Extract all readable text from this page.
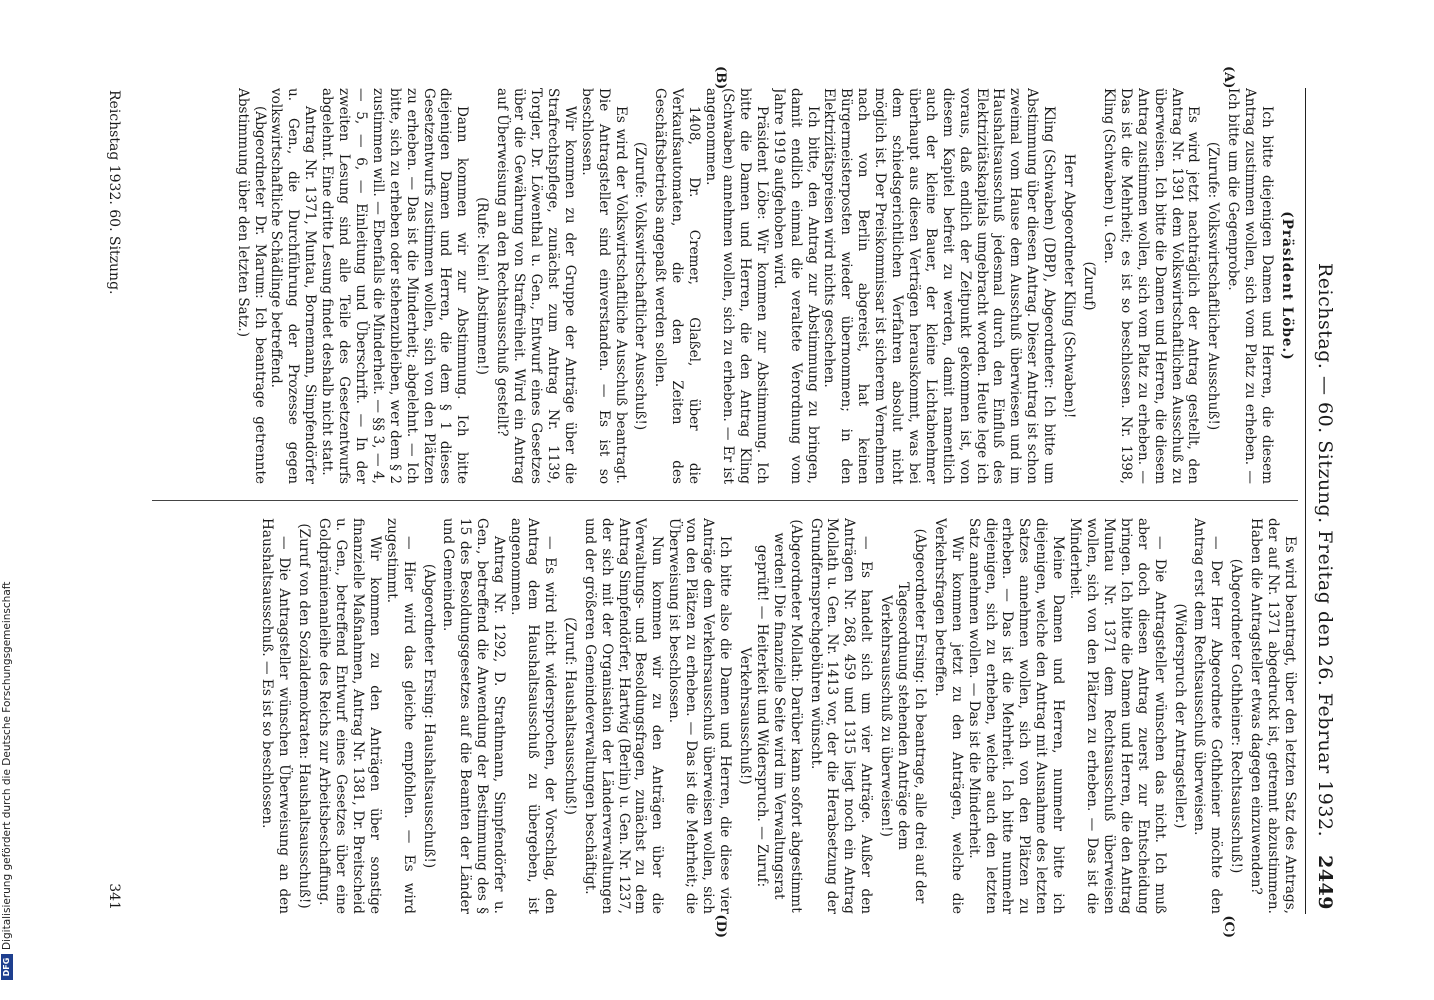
Reichstag. — 60. Sitzung. Freitag den 26. Februar 1932.
2449
(A)
(B)
(C)
(D)

(Präsident Löbe.)

Ich bitte diejenigen Damen und Herren, die diesem Antrag zustimmen wollen, sich vom Platz zu erheben. — Ich bitte um die Gegenprobe.

(Zurufe: Volkswirtschaftlicher Ausschuß!)

Es wird jetzt nachträglich der Antrag gestellt, den Antrag Nr. 1391 dem Volkswirtschaftlichen Ausschuß zu überweisen. Ich bitte die Damen und Herren, die diesem Antrag zustimmen wollen, sich vom Platz zu erheben. — Das ist die Mehrheit; es ist so beschlossen. Nr. 1398, Kling (Schwaben) u. Gen.

(Zuruf)

Herr Abgeordneter Kling (Schwaben)!

Kling (Schwaben) (DBP), Abgeordneter: Ich bitte um Abstimmung über diesen Antrag. Dieser Antrag ist schon zweimal vom Hause dem Ausschuß überwiesen und im Haushaltsausschuß jedesmal durch den Einfluß des Elektrizitätskapitals umgebracht worden. Heute lege ich voraus, daß endlich der Zeitpunkt gekommen ist, von diesem Kapitel befreit zu werden, damit namentlich auch der kleine Bauer, der kleine Lichtabnehmer überhaupt aus diesen Verträgen herauskommt, was bei dem schiedsgerichtlichen Verfahren absolut nicht möglich ist. Der Preiskommissar ist sicherem Vernehmen nach von Berlin abgereist, hat keinen Bürgermeisterposten wieder übernommen; in den Elektrizitätspreisen wird nichts geschehen.

Ich bitte, den Antrag zur Abstimmung zu bringen, damit endlich einmal die veraltete Verordnung vom Jahre 1919 aufgehoben wird.

Präsident Löbe: Wir kommen zur Abstimmung. Ich bitte die Damen und Herren, die den Antrag Kling (Schwaben) annehmen wollen, sich zu erheben. — Er ist angenommen.

1408, Dr. Cremer, Glaßel, über die Verkaufsautomaten, die den Zeiten des Geschäftsbetriebs angepaßt werden sollen.

(Zurufe: Volkswirtschaftlicher Ausschuß!)

Es wird der Volkswirtschaftliche Ausschuß beantragt. Die Antragsteller sind einverstanden. — Es ist so beschlossen.

Wir kommen zu der Gruppe der Anträge über die Strafrechtspflege, zunächst zum Antrag Nr. 1139, Torgler, Dr. Löwenthal u. Gen., Entwurf eines Gesetzes über die Gewährung von Straffreiheit. Wird ein Antrag auf Überweisung an den Rechtsausschuß gestellt?

(Rufe: Nein! Abstimmen!)

Dann kommen wir zur Abstimmung. Ich bitte diejenigen Damen und Herren, die dem § 1 dieses Gesetzentwurfs zustimmen wollen, sich von den Plätzen zu erheben. — Das ist die Minderheit; abgelehnt. — Ich bitte, sich zu erheben oder stehenzubleiben, wer dem § 2 zustimmen will. — Ebenfalls die Minderheit. — §§ 3, — 4, — 5, — 6, — Einleitung und Überschrift. — In der zweiten Lesung sind alle Teile des Gesetzentwurfs abgelehnt. Eine dritte Lesung findet deshalb nicht statt.

Antrag Nr. 1371, Muntau, Bornemann, Simpfendörfer u. Gen., die Durchführung der Prozesse gegen volkswirtschaftliche Schädlinge betreffend.

(Abgeordneter Dr. Marum: Ich beantrage getrennte Abstimmung über den letzten Satz.)

Es wird beantragt, über den letzten Satz des Antrags, der auf Nr. 1371 abgedruckt ist, getrennt abzustimmen. Haben die Antragsteller etwas dagegen einzuwenden?

(Abgeordneter Gothheiner: Rechtsausschuß!)

— Der Herr Abgeordnete Gothheiner möchte den Antrag erst dem Rechtsausschuß überweisen.

(Widerspruch der Antragsteller.)

— Die Antragsteller wünschen das nicht. Ich muß aber doch diesen Antrag zuerst zur Entscheidung bringen. Ich bitte die Damen und Herren, die den Antrag Muntau Nr. 1371 dem Rechtsausschuß überweisen wollen, sich von den Plätzen zu erheben. — Das ist die Minderheit.

Meine Damen und Herren, nunmehr bitte ich diejenigen, welche den Antrag mit Ausnahme des letzten Satzes annehmen wollen, sich von den Plätzen zu erheben. — Das ist die Mehrheit. Ich bitte nunmehr diejenigen, sich zu erheben, welche auch den letzten Satz annehmen wollen. — Das ist die Minderheit.

Wir kommen jetzt zu den Anträgen, welche die Verkehrsfragen betreffen.

(Abgeordneter Ersing: Ich beantrage, alle drei auf der Tagesordnung stehenden Anträge dem Verkehrsausschuß zu überweisen!)

— Es handelt sich um vier Anträge. Außer den Anträgen Nr. 268, 459 und 1315 liegt noch ein Antrag Mollath u. Gen. Nr. 1413 vor, der die Herabsetzung der Grundfernsprechgebühren wünscht.

(Abgeordneter Mollath: Darüber kann sofort abgestimmt werden! Die finanzielle Seite wird im Verwaltungsrat geprüft! — Heiterkeit und Widerspruch. — Zuruf: Verkehrsausschuß!)

Ich bitte also die Damen und Herren, die diese vier Anträge dem Verkehrsausschuß überweisen wollen, sich von den Plätzen zu erheben. — Das ist die Mehrheit; die Überweisung ist beschlossen.

Nun kommen wir zu den Anträgen über die Verwaltungs- und Besoldungsfragen, zunächst zu dem Antrag Simpfendörfer, Hartwig (Berlin) u. Gen. Nr. 1237, der sich mit der Organisation der Länderverwaltungen und der größeren Gemeindeverwaltungen beschäftigt.

(Zuruf: Haushaltsausschuß!)

— Es wird nicht widersprochen, der Vorschlag, den Antrag dem Haushaltsausschuß zu übergeben, ist angenommen.

Antrag Nr. 1292, D. Strathmann, Simpfendörfer u. Gen., betreffend die Anwendung der Bestimmung des § 15 des Besoldungsgesetzes auf die Beamten der Länder und Gemeinden.

(Abgeordneter Ersing: Haushaltsausschuß!)

— Hier wird das gleiche empfohlen. — Es wird zugestimmt.

Wir kommen zu den Anträgen über sonstige finanzielle Maßnahmen, Antrag Nr. 1381, Dr. Breitscheid u. Gen., betreffend Entwurf eines Gesetzes über eine Goldprämienanleihe des Reichs zur Arbeitsbeschaffung.

(Zuruf von den Sozialdemokraten: Haushaltsausschuß!)

— Die Antragsteller wünschen Überweisung an den Haushaltsausschuß. — Es ist so beschlossen.

Reichstag 1932. 60. Sitzung.
341
DFG
Digitalisierung gefördert durch die Deutsche Forschungsgemeinschaft
